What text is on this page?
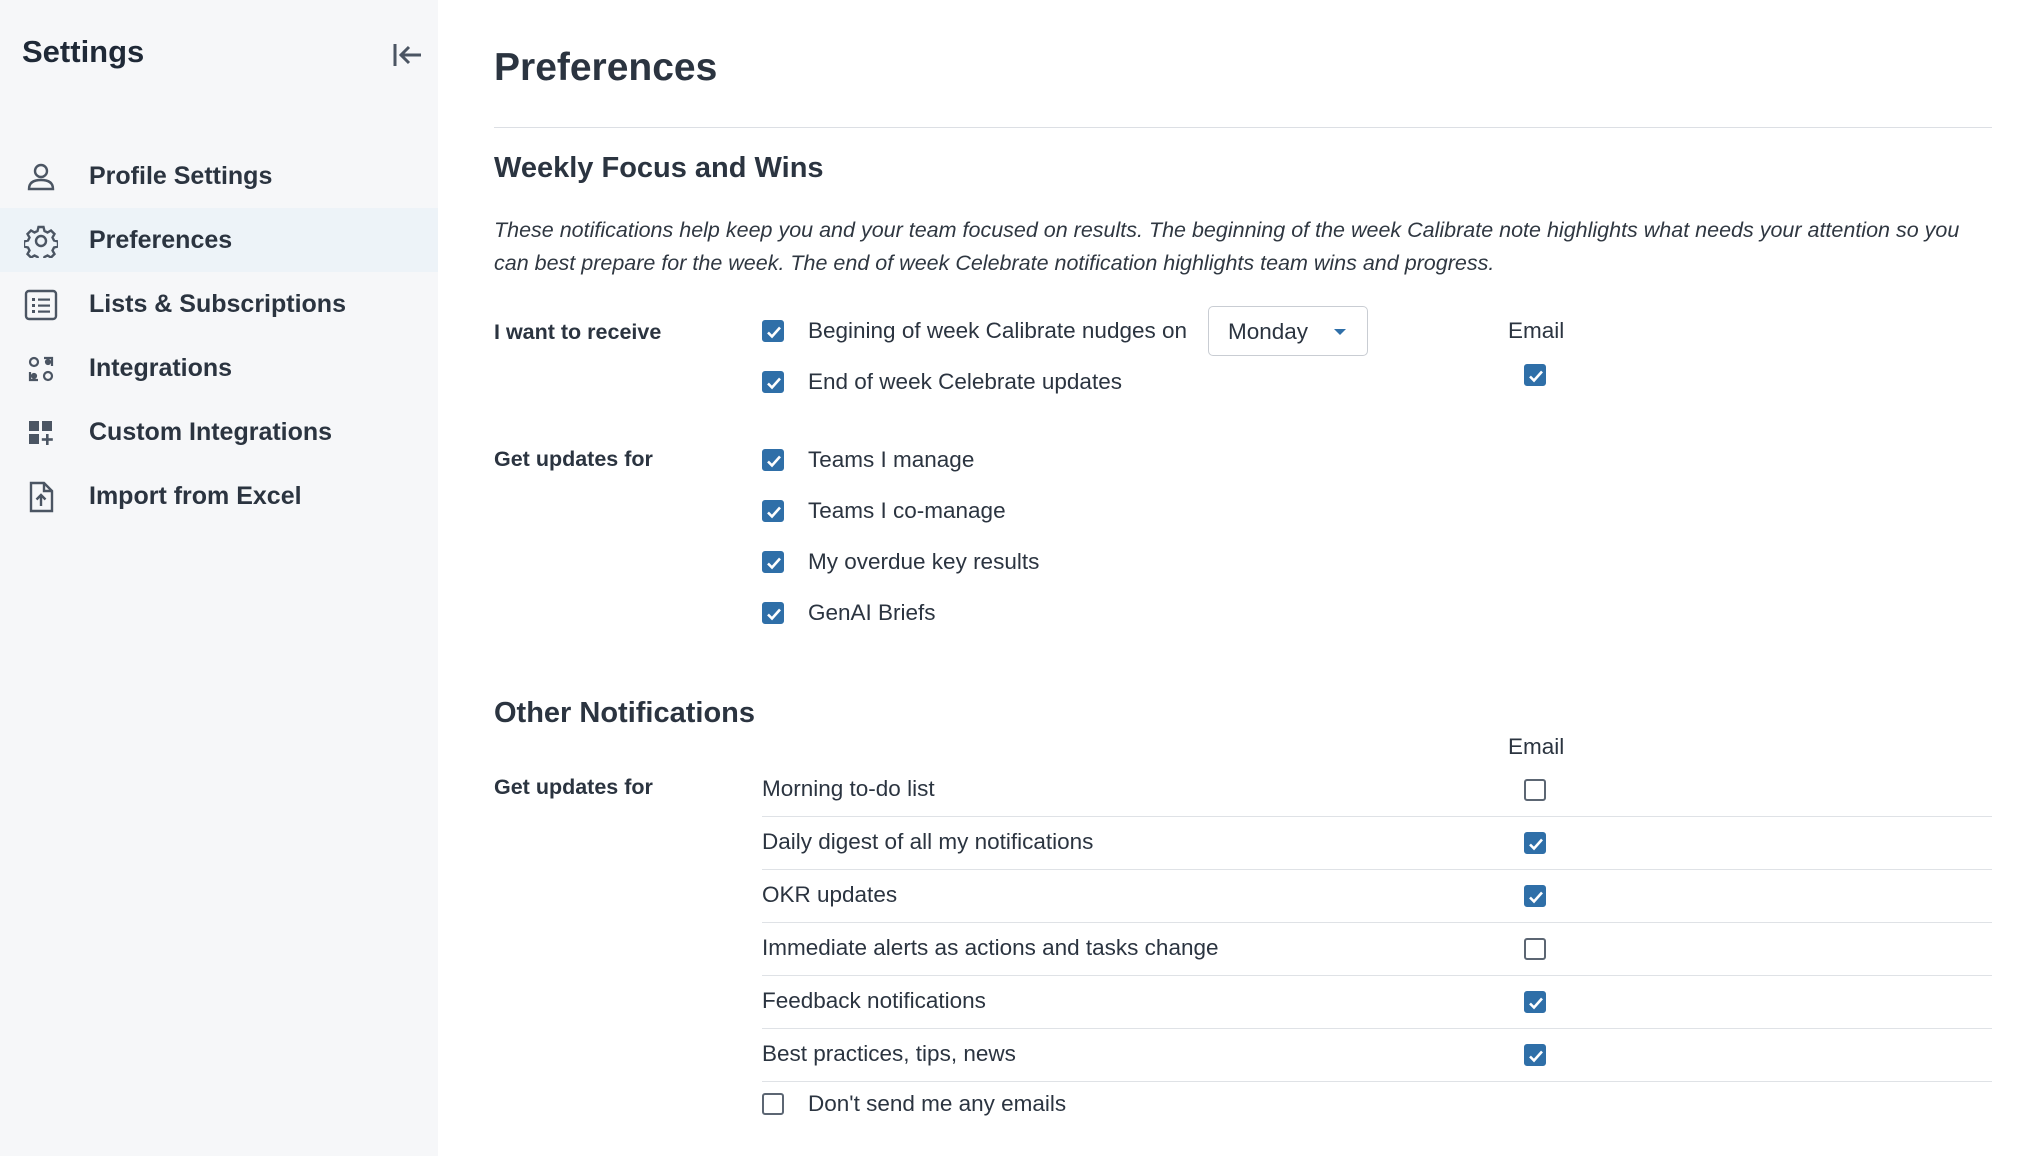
Settings
Profile Settings
Preferences
Lists & Subscriptions
Integrations
Custom Integrations
Import from Excel
Preferences
Weekly Focus and Wins
These notifications help keep you and your team focused on results. The beginning of the week Calibrate note highlights what needs your attention so you can best prepare for the week. The end of week Celebrate notification highlights team wins and progress.
I want to receive	Begining of week Calibrate nudges on Monday	Email
End of week Celebrate updates
Get updates for	Teams I manage
Teams I co-manage
My overdue key results
GenAI Briefs
Other Notifications
Email
Get updates for	Morning to-do list
Daily digest of all my notifications
OKR updates
Immediate alerts as actions and tasks change
Feedback notifications
Best practices, tips, news
Don't send me any emails
